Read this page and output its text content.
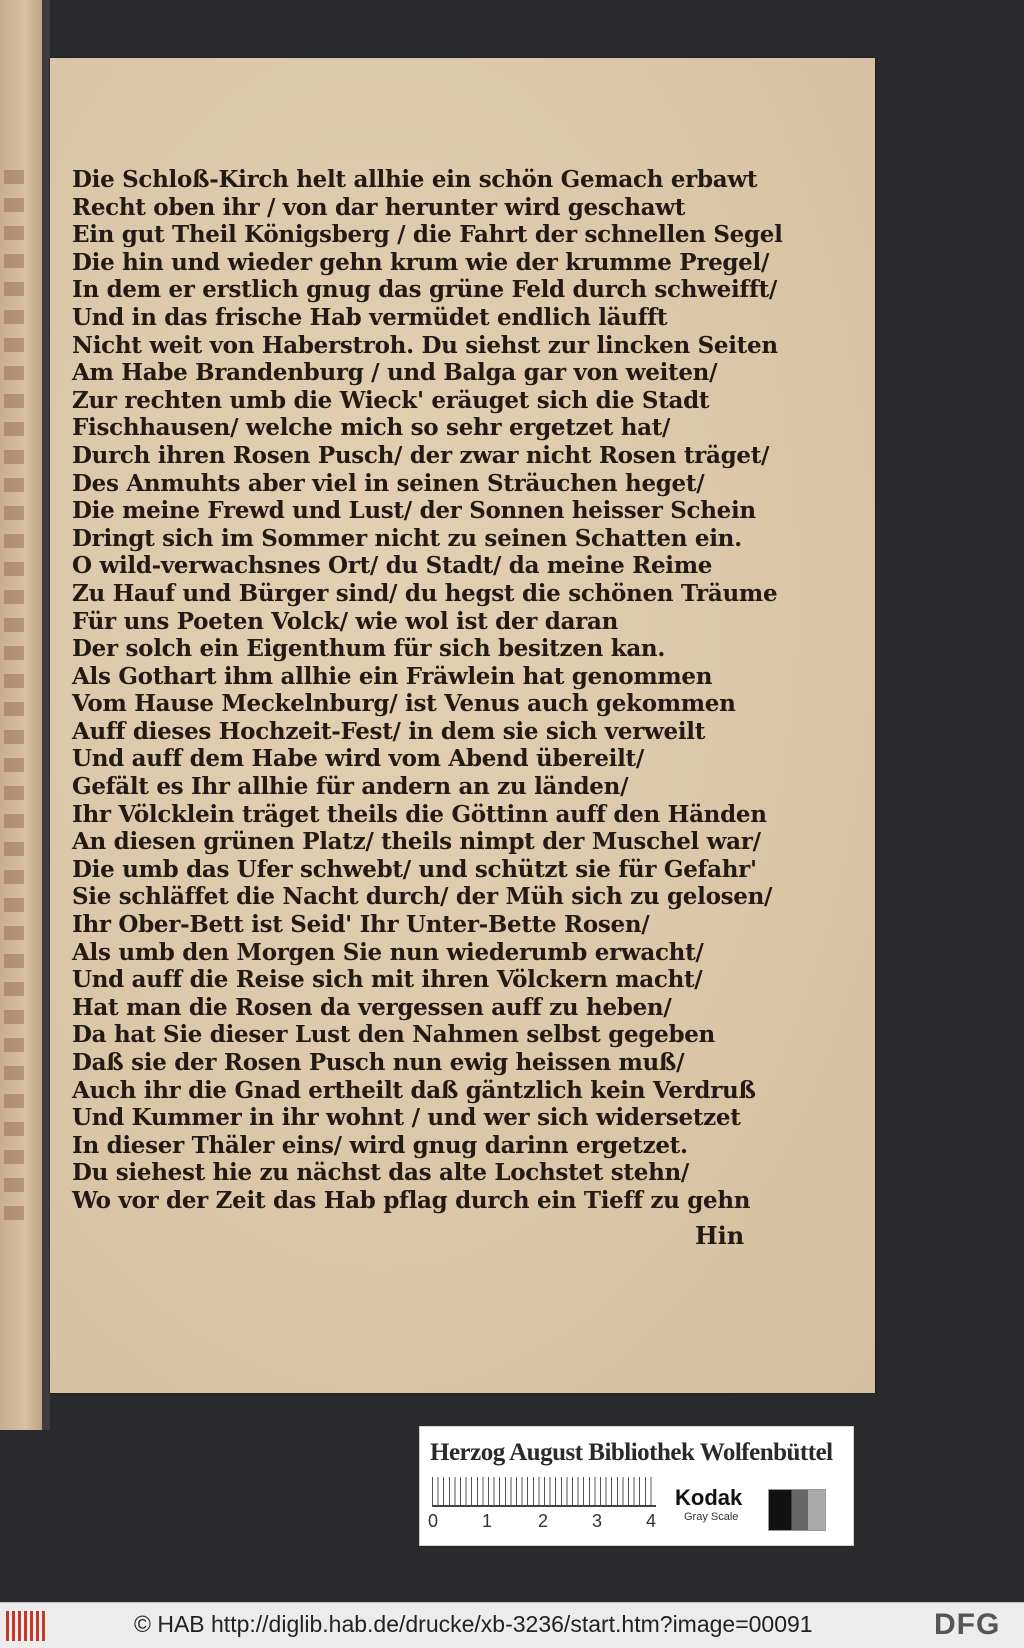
Die Schloß-Kirch helt allhie ein schön Gemach erbawt
Recht oben ihr / von dar herunter wird geschawt
Ein gut Theil Königsberg / die Fahrt der schnellen Segel
Die hin und wieder gehn krum wie der krumme Pregel/
In dem er erstlich gnug das grüne Feld durch schweifft/
Und in das frische Hab vermüdet endlich läufft
Nicht weit von Haberstroh. Du siehst zur lincken Seiten
Am Habe Brandenburg / und Balga gar von weiten/
Zur rechten umb die Wieck' eräuget sich die Stadt
Fischhausen/ welche mich so sehr ergetzet hat/
Durch ihren Rosen Pusch/ der zwar nicht Rosen träget/
Des Anmuhts aber viel in seinen Sträuchen heget/
Die meine Frewd und Lust/ der Sonnen heisser Schein
Dringt sich im Sommer nicht zu seinen Schatten ein.
O wild-verwachsnes Ort/ du Stadt/ da meine Reime
Zu Hauf und Bürger sind/ du hegst die schönen Träume
Für uns Poeten Volck/ wie wol ist der daran
Der solch ein Eigenthum für sich besitzen kan.
Als Gothart ihm allhie ein Fräwlein hat genommen
Vom Hause Meckelnburg/ ist Venus auch gekommen
Auff dieses Hochzeit-Fest/ in dem sie sich verweilt
Und auff dem Habe wird vom Abend übereilt/
Gefält es Ihr allhie für andern an zu länden/
Ihr Völcklein träget theils die Göttinn auff den Händen
An diesen grünen Platz/ theils nimpt der Muschel war/
Die umb das Ufer schwebt/ und schützt sie für Gefahr'
Sie schläffet die Nacht durch/ der Müh sich zu gelosen/
Ihr Ober-Bett ist Seid' Ihr Unter-Bette Rosen/
Als umb den Morgen Sie nun wiederumb erwacht/
Und auff die Reise sich mit ihren Völckern macht/
Hat man die Rosen da vergessen auff zu heben/
Da hat Sie dieser Lust den Nahmen selbst gegeben
Daß sie der Rosen Pusch nun ewig heissen muß/
Auch ihr die Gnad ertheilt daß gäntzlich kein Verdruß
Und Kummer in ihr wohnt / und wer sich widersetzet
In dieser Thäler eins/ wird gnug darinn ergetzet.
Du siehest hie zu nächst das alte Lochstet stehn/
Wo vor der Zeit das Hab pflag durch ein Tieff zu gehn
Hin
Herzog August Bibliothek Wolfenbüttel
0 1	2 3 4
Kodak
Gray Scale
© HAB http://diglib.hab.de/drucke/xb-3236/start.htm?image=00091	DFG
